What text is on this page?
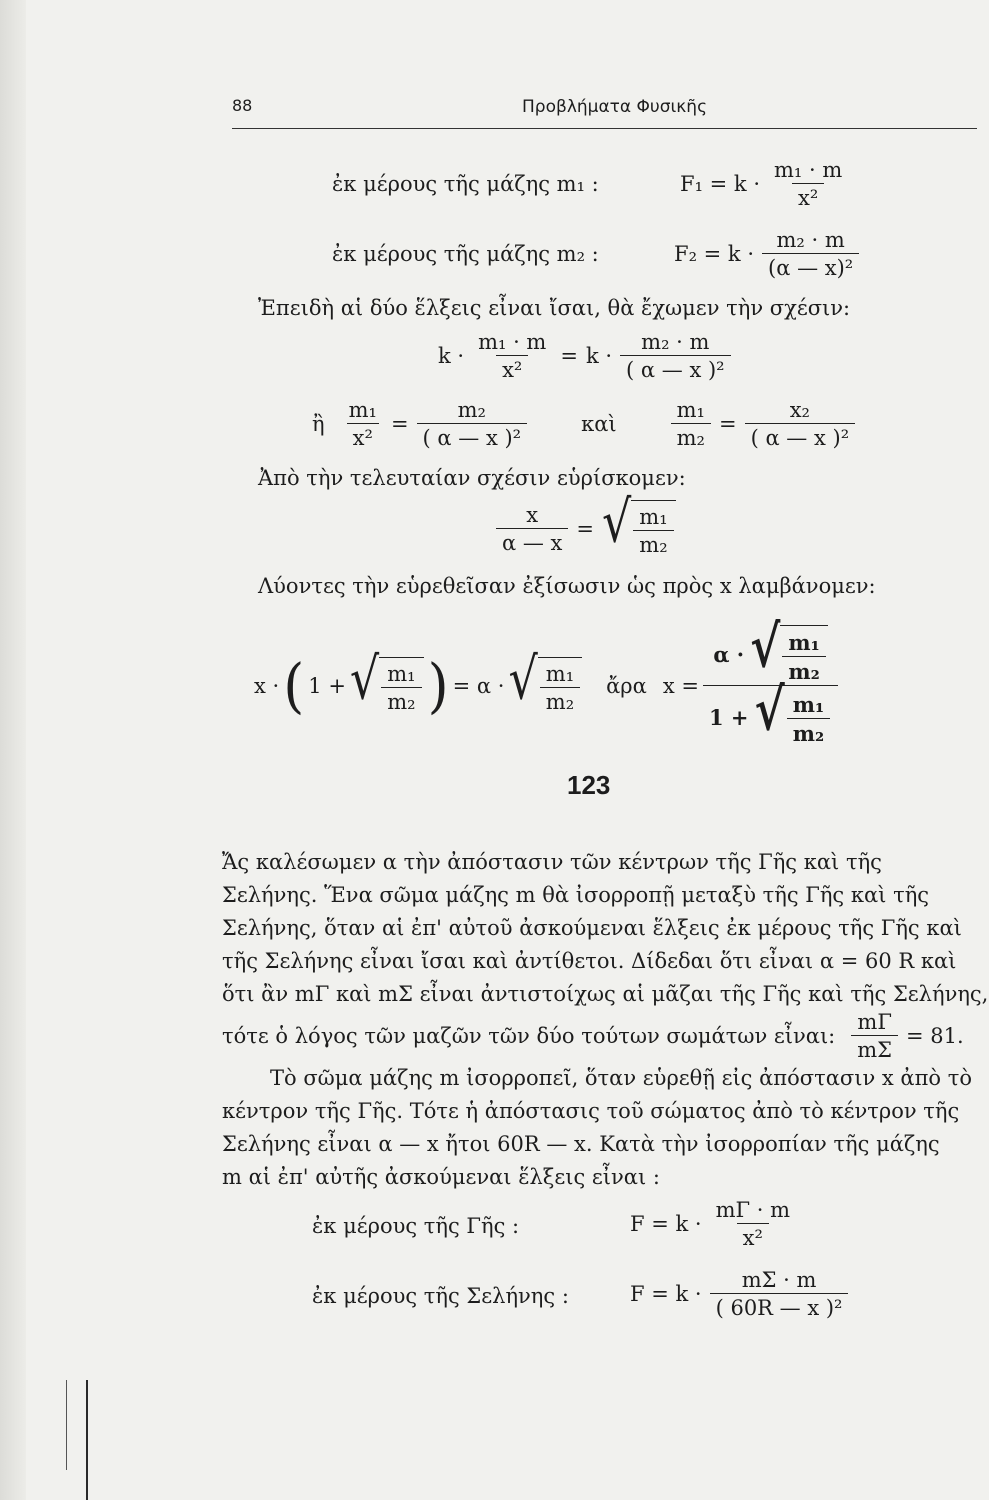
88	Προβλήματα Φυσικῆς
ἐκ μέρους τῆς μάζης m₁ :	$F_1 = k \cdot \frac{\text{m₁ · m}}{\text{x²}}$
ἐκ μέρους τῆς μάζης m₂ :	$F_2 = k \cdot \frac{\text{m₂ · m}}{\text{(α — x)²}}$
Ἐπειδὴ αἱ δύο ἕλξεις εἶναι ἴσαι, θὰ ἔχωμεν τὴν σχέσιν:
$k \cdot \frac{\text{m₁ · m}}{\text{x²}} = k \cdot \frac{\text{m₂ · m}}{\text{( α — x )²}}$
ἢ $\frac{\text{m₁}}{\text{x²}} = \frac{\text{m₂}}{\text{( α — x )²}}$	καὶ	$\frac{\text{m₁}}{\text{m₂}} = \frac{\text{x₂}}{\text{( α — x )²}}$
Ἀπὸ τὴν τελευταίαν σχέσιν εὑρίσκομεν:
$\frac{x}{\alpha — x}$ = √ $\frac{\text{m₁}}{\text{m₂}}$
Λύοντες τὴν εὑρεθεῖσαν ἐξίσωσιν ὡς πρὸς x λαμβάνομεν:
x · ( 1 + √ $\frac{\text{m₁}}{\text{m₂}}$ ) = α · √ $\frac{\text{m₁}}{\text{m₂}}$ ἄρα $x = \frac{\alpha \cdot √ \frac{\text{m₁}}{\text{m₂}}}{1 + √ \frac{\text{m₁}}{\text{m₂}}}$
123
Ἄς καλέσωμεν α τὴν ἀπόστασιν τῶν κέντρων τῆς Γῆς καὶ τῆς
Σελήνης. Ἕνα σῶμα μάζης m θὰ ἰσορροπῇ μεταξὺ τῆς Γῆς καὶ τῆς
Σελήνης, ὅταν αἱ ἐπ' αὐτοῦ ἀσκούμεναι ἕλξεις ἐκ μέρους τῆς Γῆς καὶ
τῆς Σελήνης εἶναι ἴσαι καὶ ἀντίθετοι. Δίδεδαι ὅτι εἶναι α = 60 R καὶ
ὅτι ἂν mΓ καὶ mΣ εἶναι ἀντιστοίχως αἱ μᾶζαι τῆς Γῆς καὶ τῆς Σελήνης,
τότε ὁ λόγος τῶν μαζῶν τῶν δύο τούτων σωμάτων εἶναι: $\frac{m\Gamma}{m\Sigma} = 81$.
Τὸ σῶμα μάζης m ἰσορροπεῖ, ὅταν εὑρεθῇ εἰς ἀπόστασιν x ἀπὸ τὸ
κέντρον τῆς Γῆς. Τότε ἡ ἀπόστασις τοῦ σώματος ἀπὸ τὸ κέντρον τῆς
Σελήνης εἶναι α — x ἤτοι 60R — x. Κατὰ τὴν ἰσορροπίαν τῆς μάζης
m αἱ ἐπ' αὐτῆς ἀσκούμεναι ἕλξεις εἶναι :
ἐκ μέρους τῆς Γῆς :	$F = k \cdot \frac{m\Gamma \cdot m}{\text{x²}}$
ἐκ μέρους τῆς Σελήνης :	$F = k \cdot \frac{m\Sigma \cdot m}{\text{( 60R — x )²}}$
